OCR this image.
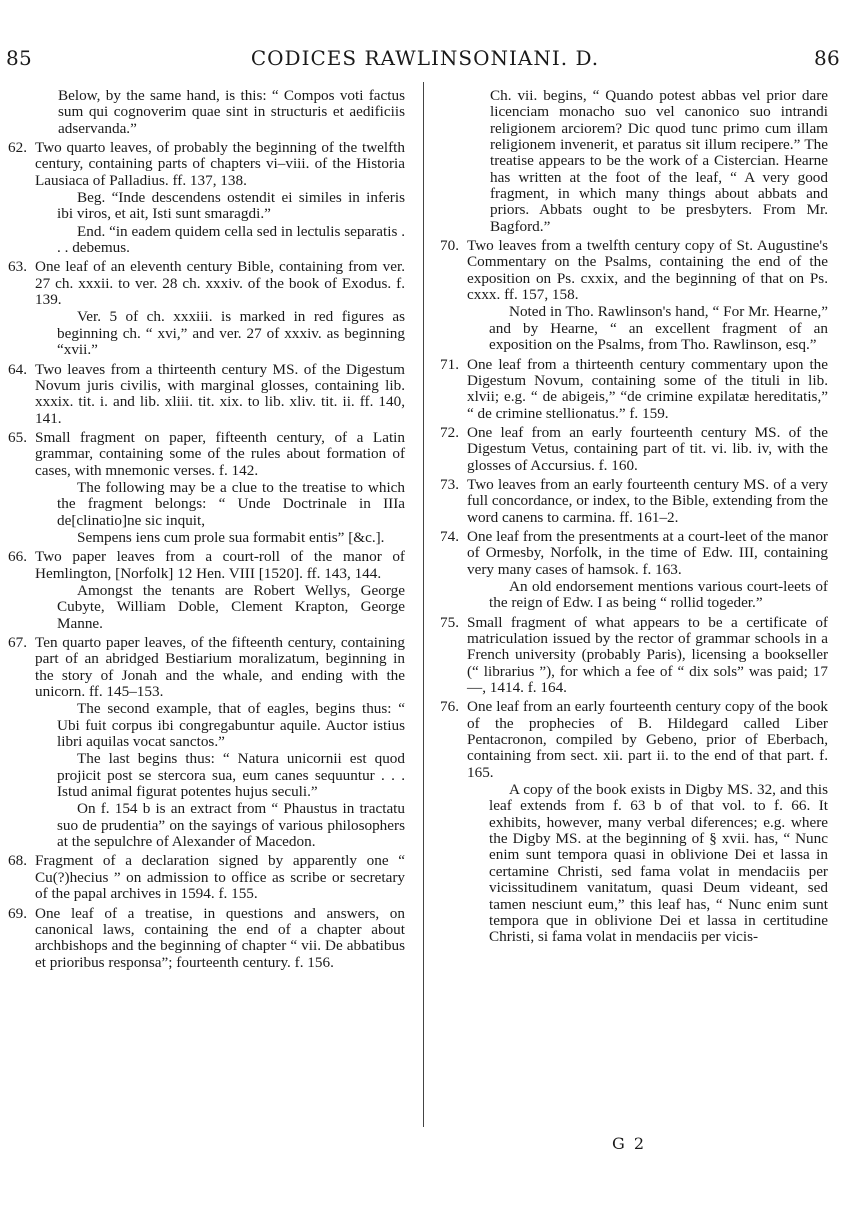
85	CODICES RAWLINSONIANI. D.	86
Below, by the same hand, is this: “ Compos voti factus sum qui cognoverim quae sint in structuris et aedificiis adservanda.”
62. Two quarto leaves, of probably the beginning of the twelfth century, containing parts of chapters vi–viii. of the Historia Lausiaca of Palladius. ff. 137, 138.
Beg. “Inde descendens ostendit ei similes in inferis ibi viros, et ait, Isti sunt smaragdi.”
End. “in eadem quidem cella sed in lectulis separatis . . . debemus.
63. One leaf of an eleventh century Bible, containing from ver. 27 ch. xxxii. to ver. 28 ch. xxxiv. of the book of Exodus. f. 139.
Ver. 5 of ch. xxxiii. is marked in red figures as beginning ch. “ xvi,” and ver. 27 of xxxiv. as beginning “xvii.”
64. Two leaves from a thirteenth century MS. of the Digestum Novum juris civilis, with marginal glosses, containing lib. xxxix. tit. i. and lib. xliii. tit. xix. to lib. xliv. tit. ii. ff. 140, 141.
65. Small fragment on paper, fifteenth century, of a Latin grammar, containing some of the rules about formation of cases, with mnemonic verses. f. 142.
The following may be a clue to the treatise to which the fragment belongs: “ Unde Doctrinale in IIIa de[clinatio]ne sic inquit,
Sempens iens cum prole sua formabit entis” [&c.].
66. Two paper leaves from a court-roll of the manor of Hemlington, [Norfolk] 12 Hen. VIII [1520]. ff. 143, 144.
Amongst the tenants are Robert Wellys, George Cubyte, William Doble, Clement Krapton, George Manne.
67. Ten quarto paper leaves, of the fifteenth century, containing part of an abridged Bestiarium moralizatum, beginning in the story of Jonah and the whale, and ending with the unicorn. ff. 145–153.
The second example, that of eagles, begins thus: “ Ubi fuit corpus ibi congregabuntur aquile. Auctor istius libri aquilas vocat sanctos.”
The last begins thus: “ Natura unicornii est quod projicit post se stercora sua, eum canes sequuntur . . . Istud animal figurat potentes hujus seculi.”
On f. 154 b is an extract from “ Phaustus in tractatu suo de prudentia” on the sayings of various philosophers at the sepulchre of Alexander of Macedon.
68. Fragment of a declaration signed by apparently one “ Cu(?)hecius ” on admission to office as scribe or secretary of the papal archives in 1594. f. 155.
69. One leaf of a treatise, in questions and answers, on canonical laws, containing the end of a chapter about archbishops and the beginning of chapter “ vii. De abbatibus et prioribus responsa”; fourteenth century. f. 156.
Ch. vii. begins, “ Quando potest abbas vel prior dare licenciam monacho suo vel canonico suo intrandi religionem arciorem? Dic quod tunc primo cum illam religionem invenerit, et paratus sit illum recipere.” The treatise appears to be the work of a Cistercian. Hearne has written at the foot of the leaf, “ A very good fragment, in which many things about abbats and priors. Abbats ought to be presbyters. From Mr. Bagford.”
70. Two leaves from a twelfth century copy of St. Augustine's Commentary on the Psalms, containing the end of the exposition on Ps. cxxix, and the beginning of that on Ps. cxxx. ff. 157, 158.
Noted in Tho. Rawlinson's hand, “ For Mr. Hearne,” and by Hearne, “ an excellent fragment of an exposition on the Psalms, from Tho. Rawlinson, esq.”
71. One leaf from a thirteenth century commentary upon the Digestum Novum, containing some of the tituli in lib. xlvii; e.g. “ de abigeis,” “de crimine expilatæ hereditatis,” “ de crimine stellionatus.” f. 159.
72. One leaf from an early fourteenth century MS. of the Digestum Vetus, containing part of tit. vi. lib. iv, with the glosses of Accursius. f. 160.
73. Two leaves from an early fourteenth century MS. of a very full concordance, or index, to the Bible, extending from the word canens to carmina. ff. 161–2.
74. One leaf from the presentments at a court-leet of the manor of Ormesby, Norfolk, in the time of Edw. III, containing very many cases of hamsok. f. 163.
An old endorsement mentions various court-leets of the reign of Edw. I as being “ rollid togeder.”
75. Small fragment of what appears to be a certificate of matriculation issued by the rector of grammar schools in a French university (probably Paris), licensing a bookseller (“ librarius ”), for which a fee of “ dix sols” was paid; 17 —, 1414. f. 164.
76. One leaf from an early fourteenth century copy of the book of the prophecies of B. Hildegard called Liber Pentacronon, compiled by Gebeno, prior of Eberbach, containing from sect. xii. part ii. to the end of that part. f. 165.
A copy of the book exists in Digby MS. 32, and this leaf extends from f. 63 b of that vol. to f. 66. It exhibits, however, many verbal diferences; e.g. where the Digby MS. at the beginning of § xvii. has, “ Nunc enim sunt tempora quasi in oblivione Dei et lassa in certamine Christi, sed fama volat in mendaciis per vicissitudinem vanitatum, quasi Deum videant, sed tamen nesciunt eum,” this leaf has, “ Nunc enim sunt tempora que in oblivione Dei et lassa in certitudine Christi, si fama volat in mendaciis per vicis-
G 2
